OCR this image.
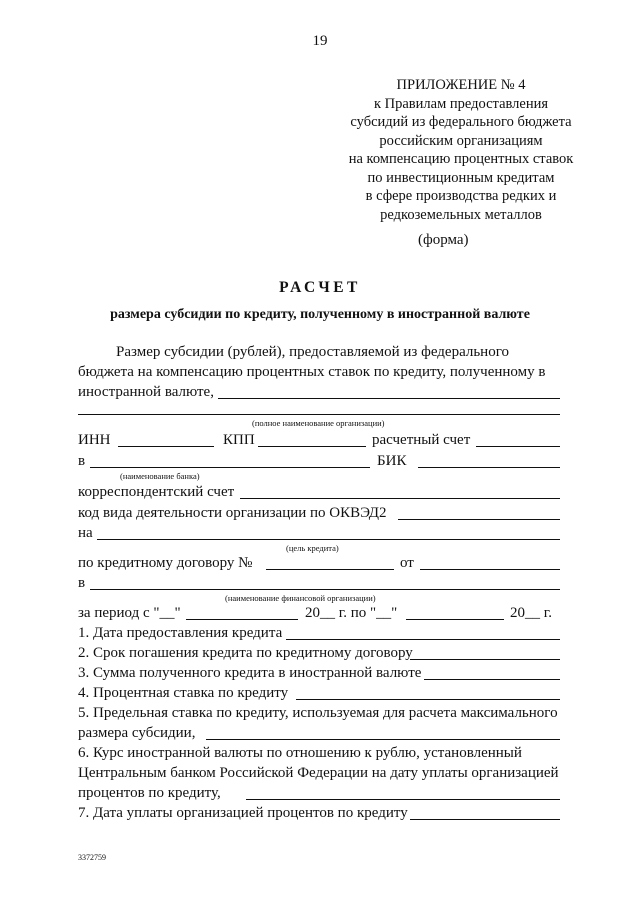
19
ПРИЛОЖЕНИЕ № 4
к Правилам предоставления
субсидий из федерального бюджета
российским организациям
на компенсацию процентных ставок
по инвестиционным кредитам
в сфере производства редких и
редкоземельных металлов
(форма)
РАСЧЕТ
размера субсидии по кредиту, полученному в иностранной валюте
Размер субсидии (рублей), предоставляемой из федерального
бюджета на компенсацию процентных ставок по кредиту, полученному в
иностранной валюте,
(полное наименование организации)
ИНН	КПП	расчетный счет
в	БИК
(наименование банка)
корреспондентский счет
код вида деятельности организации по ОКВЭД2
на
(цель кредита)
по кредитному договору №	от
в
(наименование финансовой организации)
за период с "__"	20__ г. по "__"	20__ г.
1. Дата предоставления кредита
2. Срок погашения кредита по кредитному договору
3. Сумма полученного кредита в иностранной валюте
4. Процентная ставка по кредиту
5. Предельная ставка по кредиту, используемая для расчета максимального
размера субсидии,
6. Курс иностранной валюты по отношению к рублю, установленный
Центральным банком Российской Федерации на дату уплаты организацией
процентов по кредиту,
7. Дата уплаты организацией процентов по кредиту
3372759
